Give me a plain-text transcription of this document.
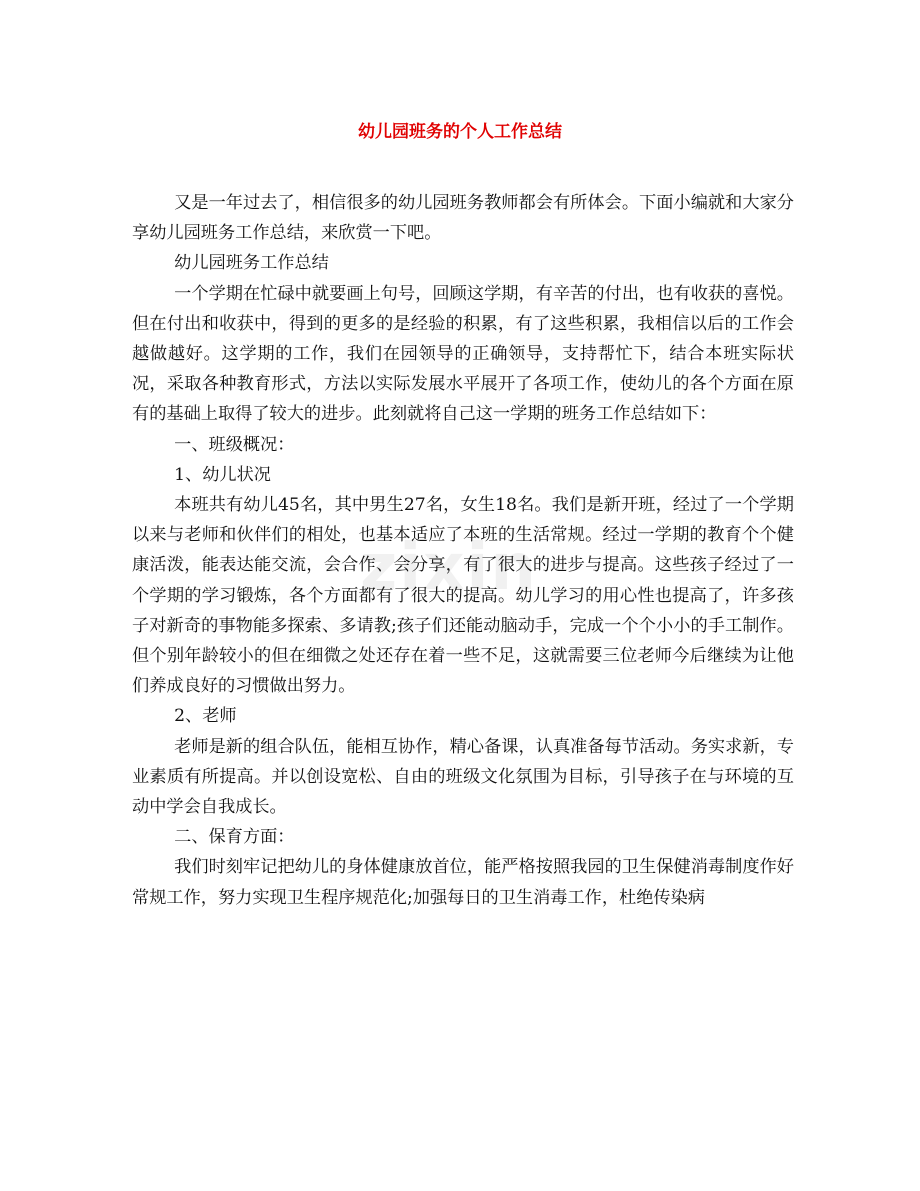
zixin
幼儿园班务的个人工作总结

又是一年过去了，相信很多的幼儿园班务教师都会有所体会。下面小编就和大家分享幼儿园班务工作总结，来欣赏一下吧。

幼儿园班务工作总结

一个学期在忙碌中就要画上句号，回顾这学期，有辛苦的付出，也有收获的喜悦。但在付出和收获中，得到的更多的是经验的积累，有了这些积累，我相信以后的工作会越做越好。这学期的工作，我们在园领导的正确领导，支持帮忙下，结合本班实际状况，采取各种教育形式，方法以实际发展水平展开了各项工作，使幼儿的各个方面在原有的基础上取得了较大的进步。此刻就将自己这一学期的班务工作总结如下：

一、班级概况：

1、幼儿状况

本班共有幼儿45名，其中男生27名，女生18名。我们是新开班，经过了一个学期以来与老师和伙伴们的相处，也基本适应了本班的生活常规。经过一学期的教育个个健康活泼，能表达能交流，会合作、会分享，有了很大的进步与提高。这些孩子经过了一个学期的学习锻炼，各个方面都有了很大的提高。幼儿学习的用心性也提高了，许多孩子对新奇的事物能多探索、多请教;孩子们还能动脑动手，完成一个个小小的手工制作。但个别年龄较小的但在细微之处还存在着一些不足，这就需要三位老师今后继续为让他们养成良好的习惯做出努力。

2、老师

老师是新的组合队伍，能相互协作，精心备课，认真准备每节活动。务实求新，专业素质有所提高。并以创设宽松、自由的班级文化氛围为目标，引导孩子在与环境的互动中学会自我成长。

二、保育方面：

我们时刻牢记把幼儿的身体健康放首位，能严格按照我园的卫生保健消毒制度作好常规工作，努力实现卫生程序规范化;加强每日的卫生消毒工作，杜绝传染病
